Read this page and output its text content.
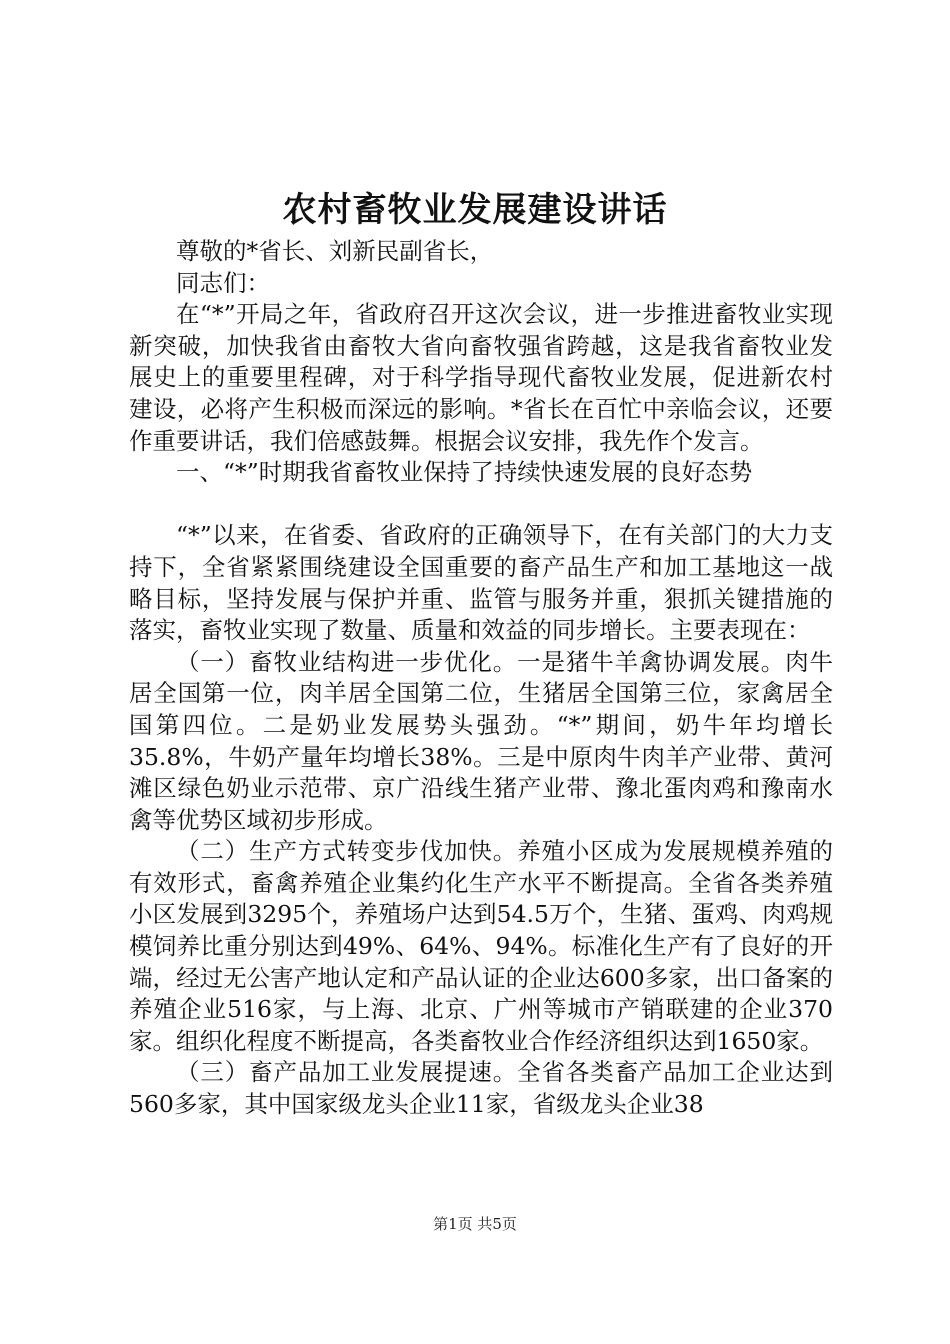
农村畜牧业发展建设讲话

尊敬的*省长、刘新民副省长，

同志们：

在“*”开局之年，省政府召开这次会议，进一步推进畜牧业实现新突破，加快我省由畜牧大省向畜牧强省跨越，这是我省畜牧业发展史上的重要里程碑，对于科学指导现代畜牧业发展，促进新农村建设，必将产生积极而深远的影响。*省长在百忙中亲临会议，还要作重要讲话，我们倍感鼓舞。根据会议安排，我先作个发言。

一、“*”时期我省畜牧业保持了持续快速发展的良好态势

“*”以来，在省委、省政府的正确领导下，在有关部门的大力支持下，全省紧紧围绕建设全国重要的畜产品生产和加工基地这一战略目标，坚持发展与保护并重、监管与服务并重，狠抓关键措施的落实，畜牧业实现了数量、质量和效益的同步增长。主要表现在：

（一）畜牧业结构进一步优化。一是猪牛羊禽协调发展。肉牛居全国第一位，肉羊居全国第二位，生猪居全国第三位，家禽居全国第四位。二是奶业发展势头强劲。“*”期间，奶牛年均增长35.8%，牛奶产量年均增长38%。三是中原肉牛肉羊产业带、黄河滩区绿色奶业示范带、京广沿线生猪产业带、豫北蛋肉鸡和豫南水禽等优势区域初步形成。

（二）生产方式转变步伐加快。养殖小区成为发展规模养殖的有效形式，畜禽养殖企业集约化生产水平不断提高。全省各类养殖小区发展到3295个，养殖场户达到54.5万个，生猪、蛋鸡、肉鸡规模饲养比重分别达到49%、64%、94%。标准化生产有了良好的开端，经过无公害产地认定和产品认证的企业达600多家，出口备案的养殖企业516家，与上海、北京、广州等城市产销联建的企业370家。组织化程度不断提高，各类畜牧业合作经济组织达到1650家。

（三）畜产品加工业发展提速。全省各类畜产品加工企业达到560多家，其中国家级龙头企业11家，省级龙头企业38

第1页 共5页
